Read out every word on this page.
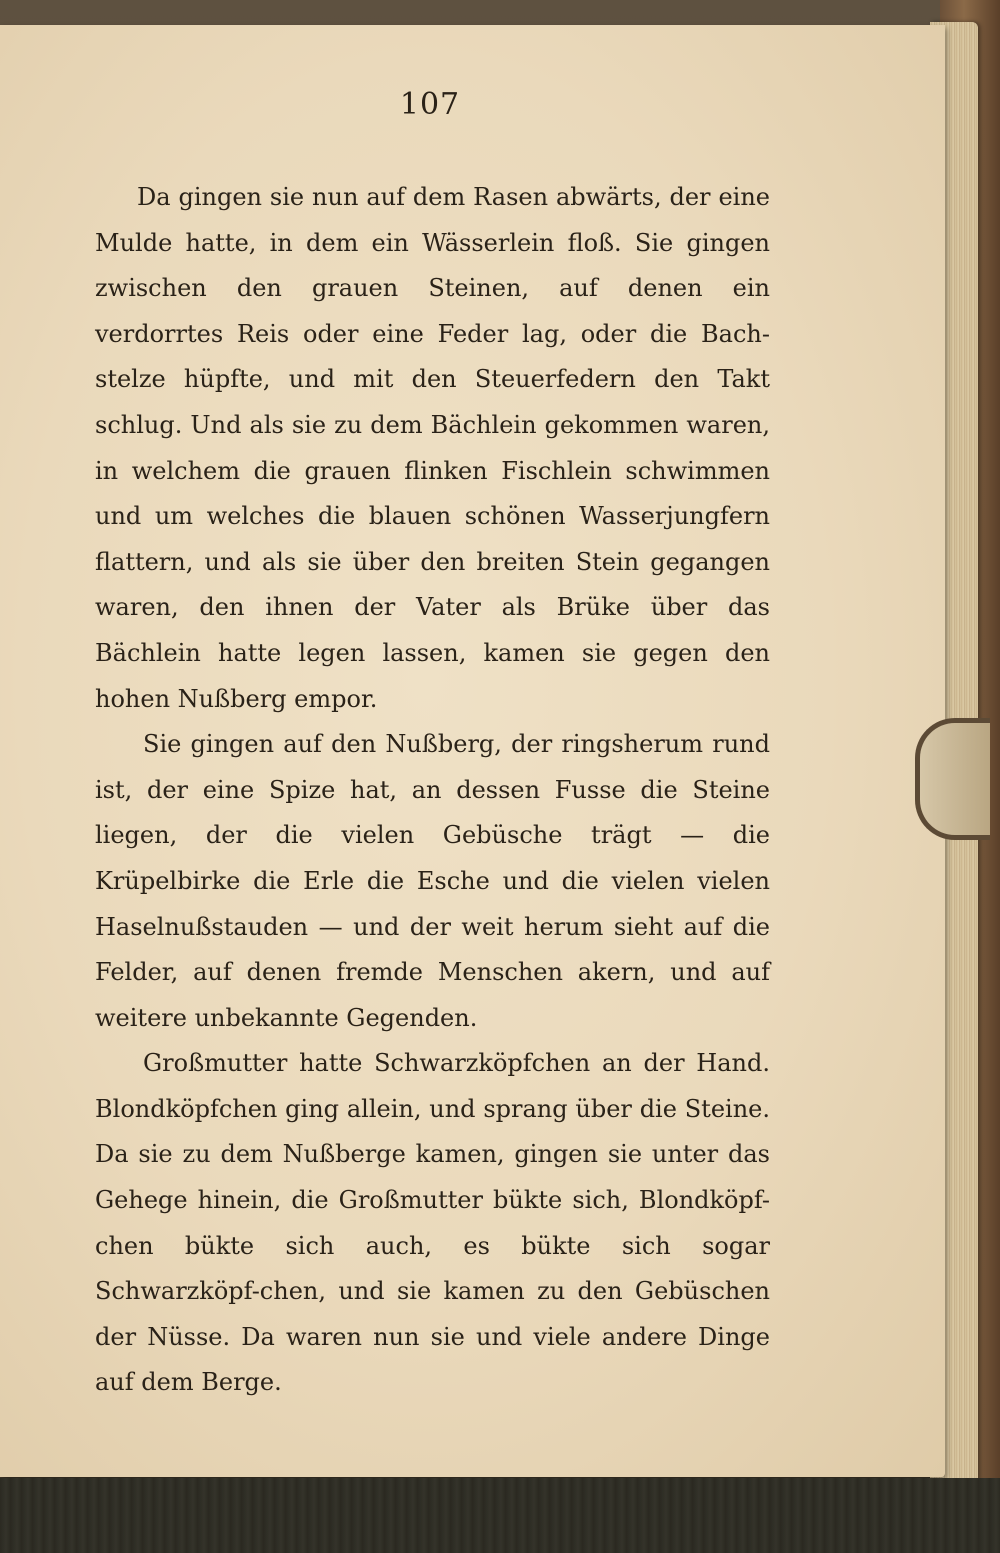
107

Da gingen sie nun auf dem Rasen abwärts, der eine Mulde hatte, in dem ein Wässerlein floß. Sie gingen zwischen den grauen Steinen, auf denen ein verdorrtes Reis oder eine Feder lag, oder die Bach-stelze hüpfte, und mit den Steuerfedern den Takt schlug. Und als sie zu dem Bächlein gekommen waren, in welchem die grauen flinken Fischlein schwimmen und um welches die blauen schönen Wasserjungfern flattern, und als sie über den breiten Stein gegangen waren, den ihnen der Vater als Brüke über das Bächlein hatte legen lassen, kamen sie gegen den hohen Nußberg empor.

Sie gingen auf den Nußberg, der ringsherum rund ist, der eine Spize hat, an dessen Fusse die Steine liegen, der die vielen Gebüsche trägt — die Krüpelbirke die Erle die Esche und die vielen vielen Haselnußstauden — und der weit herum sieht auf die Felder, auf denen fremde Menschen akern, und auf weitere unbekannte Gegenden.

Großmutter hatte Schwarzköpfchen an der Hand. Blondköpfchen ging allein, und sprang über die Steine. Da sie zu dem Nußberge kamen, gingen sie unter das Gehege hinein, die Großmutter bükte sich, Blondköpf-chen bükte sich auch, es bükte sich sogar Schwarzköpf-chen, und sie kamen zu den Gebüschen der Nüsse. Da waren nun sie und viele andere Dinge auf dem Berge.
